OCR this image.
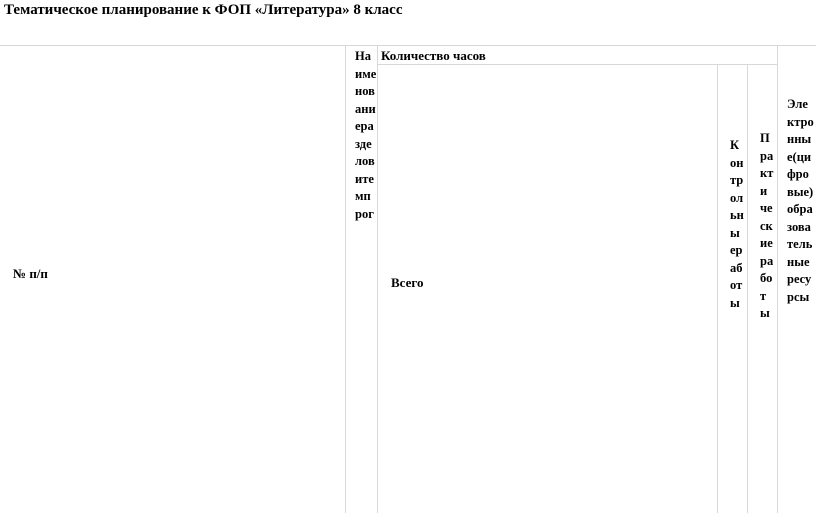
Тематическое планирование к ФОП «Литература» 8 класс
№ п/п
Наименованиеразделовитемпрог
Количество часов
Всего
Контрольныеработы
Практическиеработы
Электронные(цифровые)образовательныересурсы
